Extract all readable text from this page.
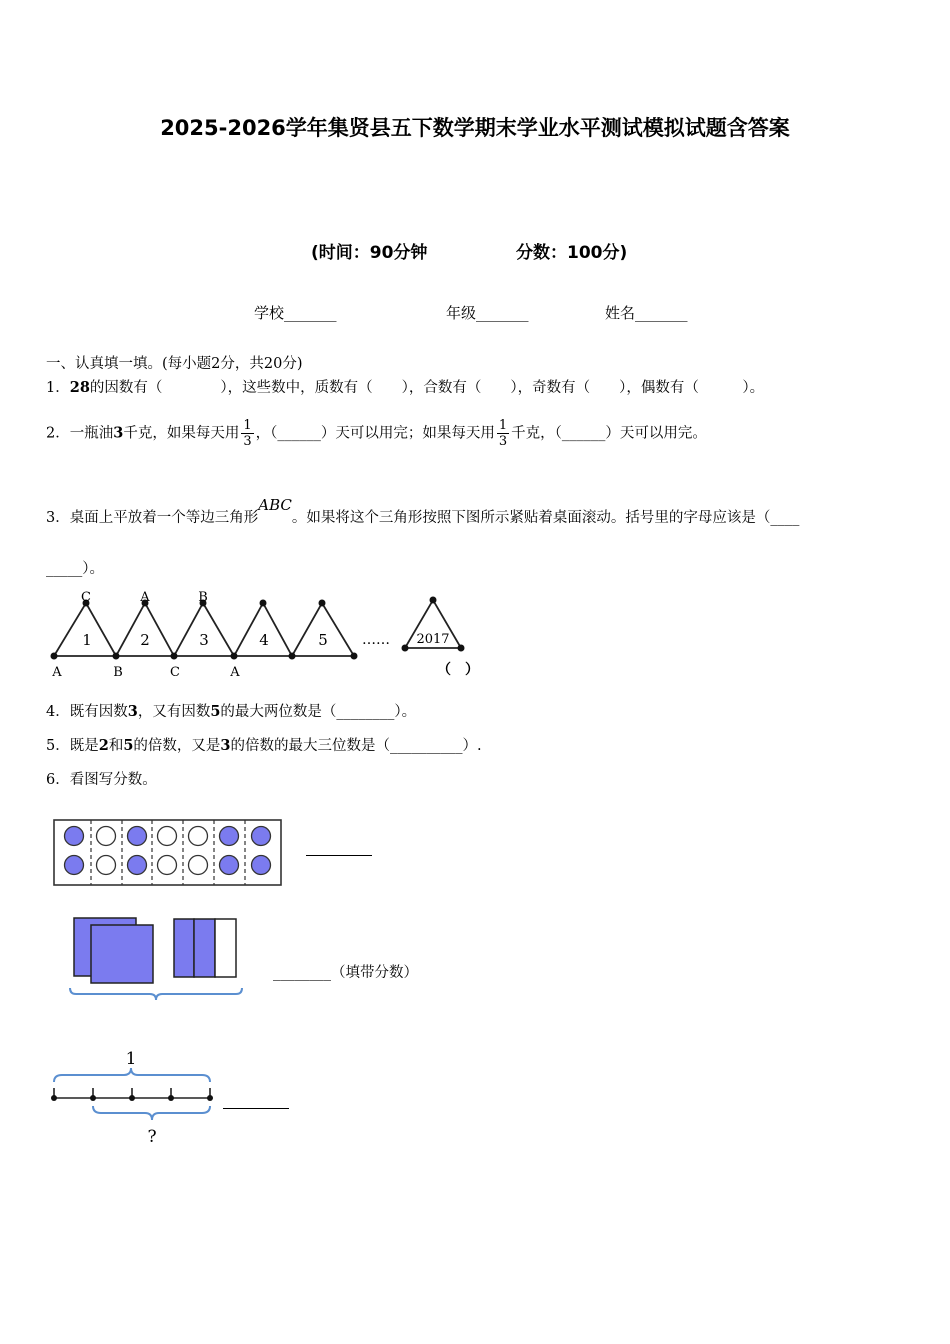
2025-2026学年集贤县五下数学期末学业水平测试模拟试题含答案
(时间：90分钟	分数：100分)
学校_______	年级_______	姓名_______
一、认真填一填。(每小题2分，共20分)
1．28的因数有（　　　　），这些数中，质数有（　　），合数有（　　），奇数有（　　），偶数有（　　　）。
2．一瓶油3千克，如果每天用 $\frac{1}{3}$ ，（______）天可以用完；如果每天用 $\frac{1}{3}$ 千克，（______）天可以用完。
3．桌面上平放着一个等边三角形ABC。如果将这个三角形按照下图所示紧贴着桌面滚动。括号里的字母应该是（____
_____）。
C	A	B
A	B	C	A
1	2	3	4	5 …… 2017
（　）
4．既有因数3，又有因数5的最大两位数是（________）。
5．既是2和5的倍数，又是3的倍数的最大三位数是（__________）.
6．看图写分数。
________（填带分数）
1
?
